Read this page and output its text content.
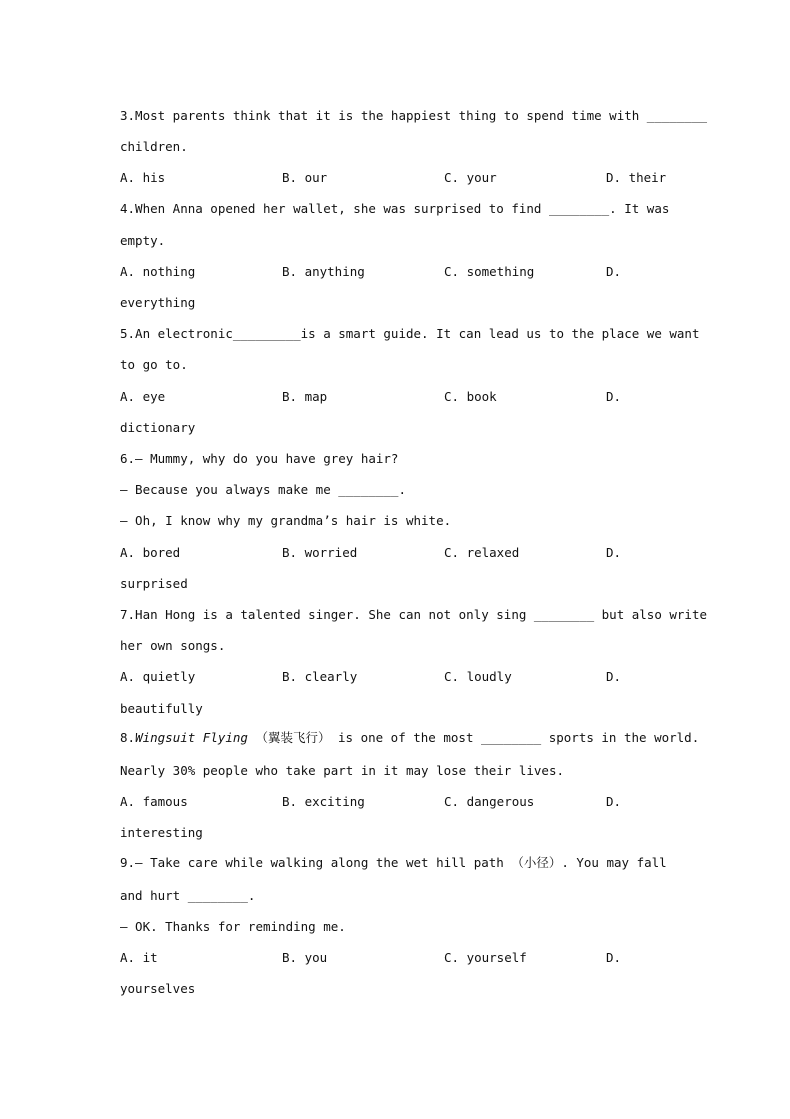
3.Most parents think that it is the happiest thing to spend time with ________
children.
A. his	B. our	C. your	D. their
4.When Anna opened her wallet, she was surprised to find ________. It was
empty.
A. nothing	B. anything	C. something	D.
everything
5.An electronic_________is a smart guide. It can lead us to the place we want
to go to.
A. eye	B. map	C. book	D.
dictionary
6.— Mummy, why do you have grey hair?
— Because you always make me ________.
— Oh, I know why my grandma’s hair is white.
A. bored	B. worried	C. relaxed	D.
surprised
7.Han Hong is a talented singer. She can not only sing ________ but also write
her own songs.
A. quietly	B. clearly	C. loudly	D.
beautifully
8.Wingsuit Flying （翼装飞行） is one of the most ________ sports in the world.
Nearly 30% people who take part in it may lose their lives.
A. famous	B. exciting	C. dangerous	D.
interesting
9.— Take care while walking along the wet hill path （小径）. You may fall
and hurt ________.
— OK. Thanks for reminding me.
A. it	B. you	C. yourself	D.
yourselves
